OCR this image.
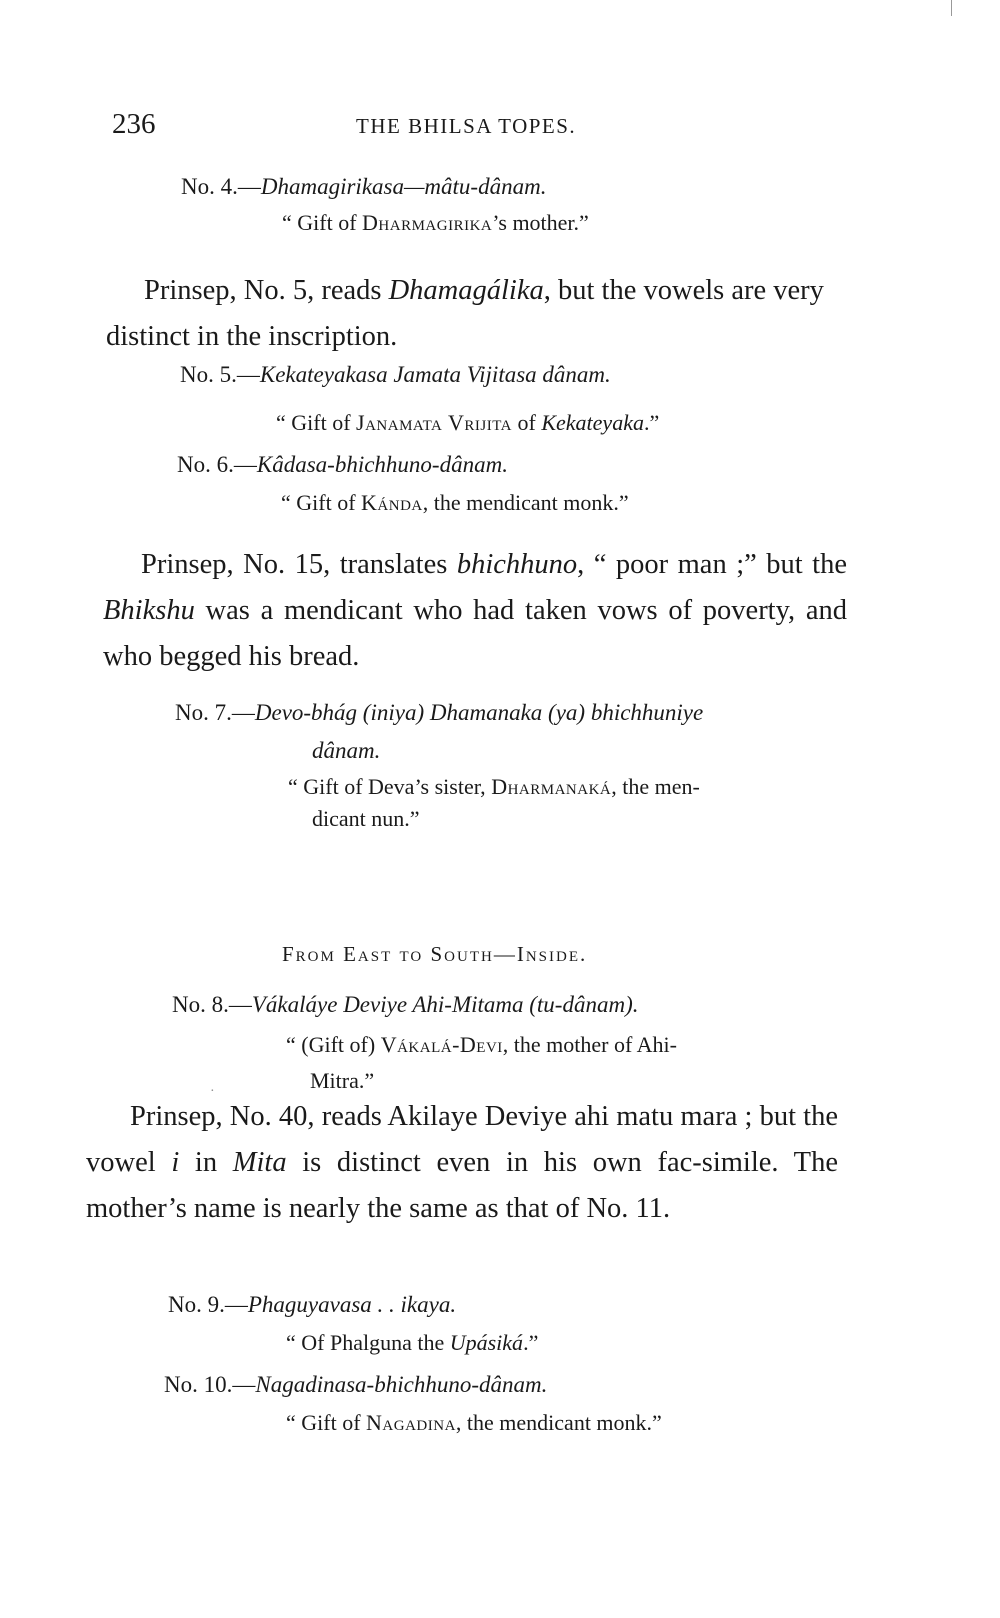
236	THE BHILSA TOPES.
No. 4.—Dhamagirikasa—mâtu-dânam.
“ Gift of Dharmagirika’s mother.”
Prinsep, No. 5, reads Dhamagálika, but the vowels are very distinct in the inscription.
No. 5.—Kekateyakasa Jamata Vijitasa dânam.
“ Gift of Janamata Vrijita of Kekateyaka.”
No. 6.—Kâdasa-bhichhuno-dânam.
“ Gift of Kánda, the mendicant monk.”
Prinsep, No. 15, translates bhichhuno, “ poor man ;” but the Bhikshu was a mendicant who had taken vows of poverty, and who begged his bread.
No. 7.—Devo-bhág (iniya) Dhamanaka (ya) bhichhuniye
dânam.
“ Gift of Deva’s sister, Dharmanaká, the men-
dicant nun.”
From East to South—Inside.
No. 8.—Vákaláye Deviye Ahi-Mitama (tu-dânam).
“ (Gift of) Vákalá-Devi, the mother of Ahi-
Mitra.”
·
Prinsep, No. 40, reads Akilaye Deviye ahi matu mara ; but the vowel i in Mita is distinct even in his own fac-simile. The mother’s name is nearly the same as that of No. 11.
No. 9.—Phaguyavasa . . ikaya.
“ Of Phalguna the Upásiká.”
No. 10.—Nagadinasa-bhichhuno-dânam.
“ Gift of Nagadina, the mendicant monk.”
